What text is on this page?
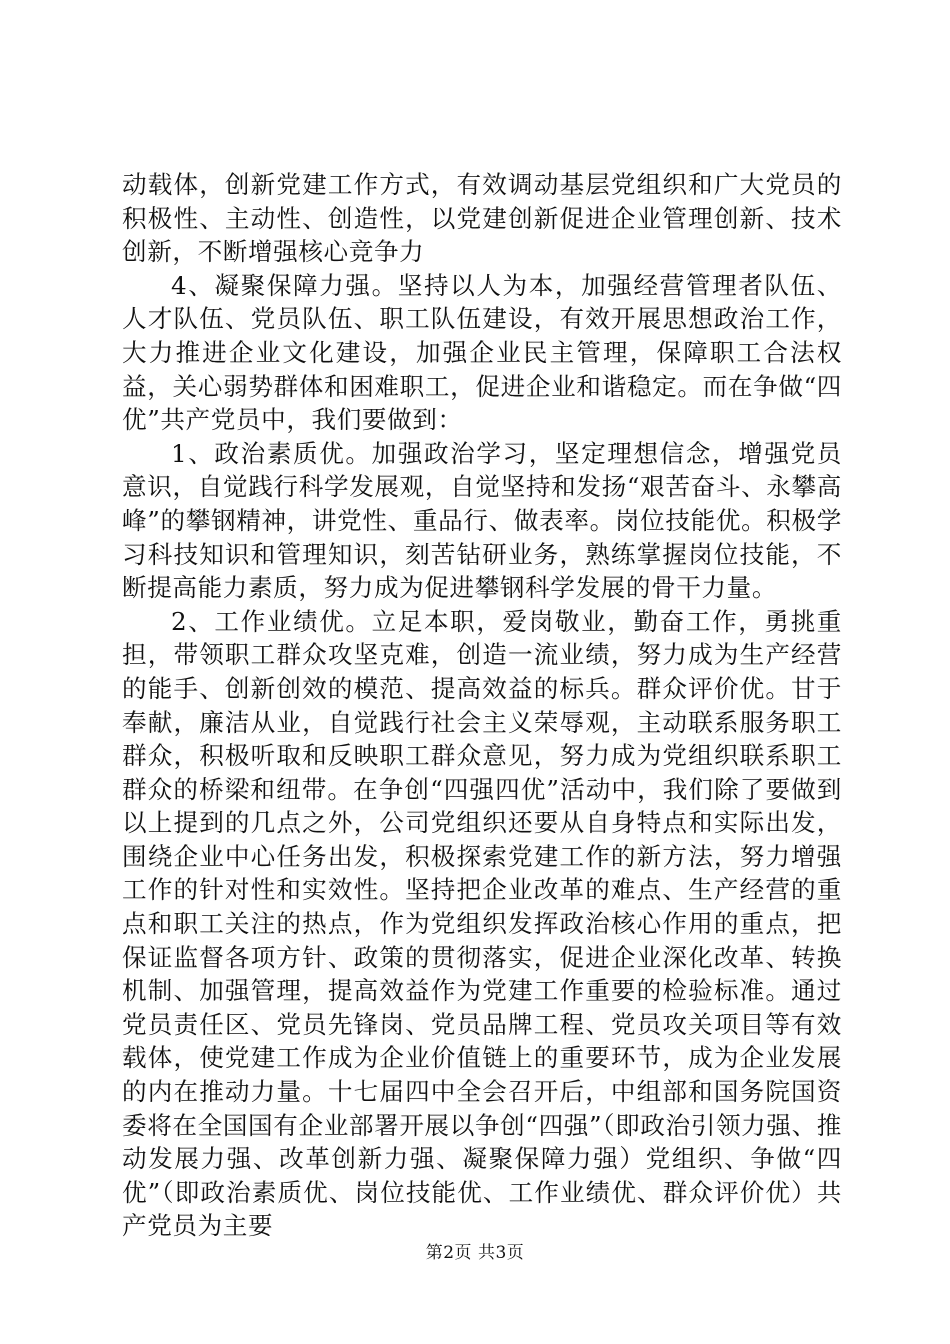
动载体，创新党建工作方式，有效调动基层党组织和广大党员的积极性、主动性、创造性，以党建创新促进企业管理创新、技术创新，不断增强核心竞争力

4、凝聚保障力强。坚持以人为本，加强经营管理者队伍、人才队伍、党员队伍、职工队伍建设，有效开展思想政治工作，大力推进企业文化建设，加强企业民主管理，保障职工合法权益，关心弱势群体和困难职工，促进企业和谐稳定。而在争做“四优”共产党员中，我们要做到：

1、政治素质优。加强政治学习，坚定理想信念，增强党员意识，自觉践行科学发展观，自觉坚持和发扬“艰苦奋斗、永攀高峰”的攀钢精神，讲党性、重品行、做表率。岗位技能优。积极学习科技知识和管理知识，刻苦钻研业务，熟练掌握岗位技能，不断提高能力素质，努力成为促进攀钢科学发展的骨干力量。

2、工作业绩优。立足本职，爱岗敬业，勤奋工作，勇挑重担，带领职工群众攻坚克难，创造一流业绩，努力成为生产经营的能手、创新创效的模范、提高效益的标兵。群众评价优。甘于奉献，廉洁从业，自觉践行社会主义荣辱观，主动联系服务职工群众，积极听取和反映职工群众意见，努力成为党组织联系职工群众的桥梁和纽带。在争创“四强四优”活动中，我们除了要做到以上提到的几点之外，公司党组织还要从自身特点和实际出发，围绕企业中心任务出发，积极探索党建工作的新方法，努力增强工作的针对性和实效性。坚持把企业改革的难点、生产经营的重点和职工关注的热点，作为党组织发挥政治核心作用的重点，把保证监督各项方针、政策的贯彻落实，促进企业深化改革、转换机制、加强管理，提高效益作为党建工作重要的检验标准。通过党员责任区、党员先锋岗、党员品牌工程、党员攻关项目等有效载体，使党建工作成为企业价值链上的重要环节，成为企业发展的内在推动力量。十七届四中全会召开后，中组部和国务院国资委将在全国国有企业部署开展以争创“四强”（即政治引领力强、推动发展力强、改革创新力强、凝聚保障力强）党组织、争做“四优”（即政治素质优、岗位技能优、工作业绩优、群众评价优）共产党员为主要

第2页 共3页
